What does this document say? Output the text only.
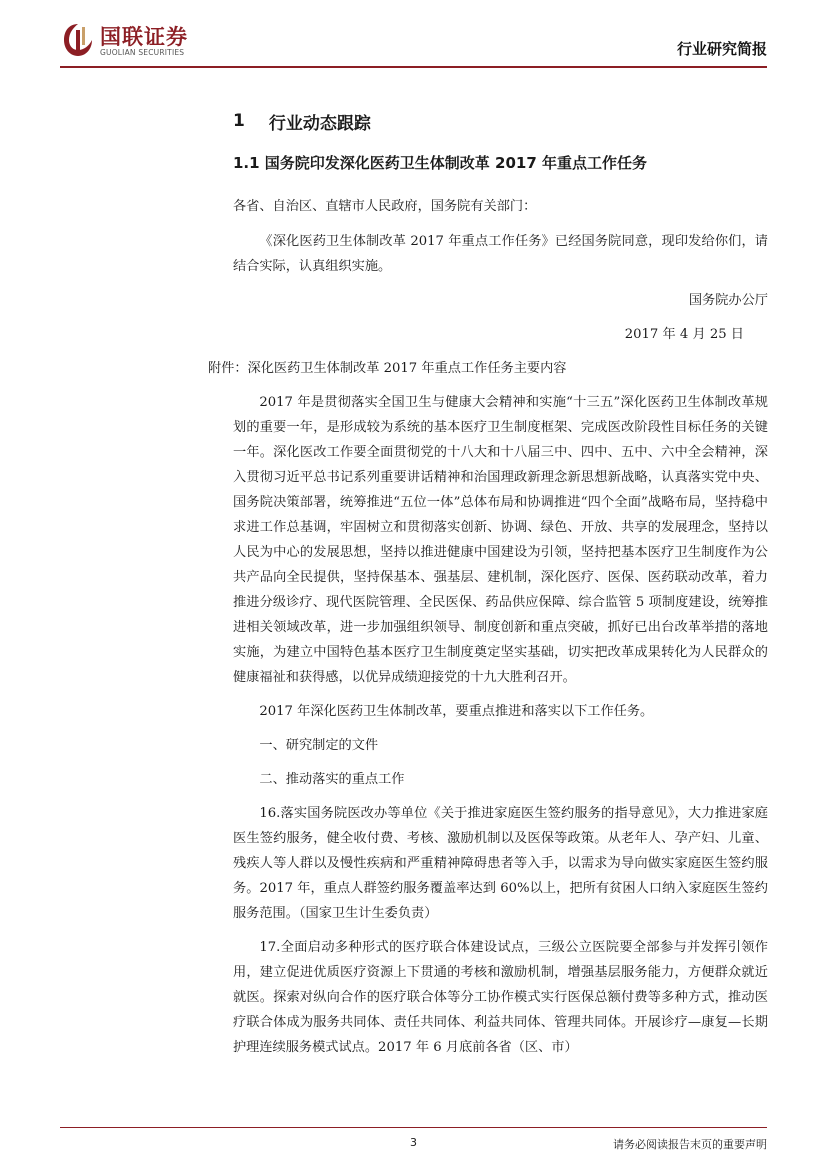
国联证券
GUOLIAN SECURITIES	行业研究简报
1 行业动态跟踪
1.1 国务院印发深化医药卫生体制改革 2017 年重点工作任务

各省、自治区、直辖市人民政府，国务院有关部门：

《深化医药卫生体制改革 2017 年重点工作任务》已经国务院同意，现印发给你们，请结合实际，认真组织实施。

国务院办公厅

2017 年 4 月 25 日

附件：深化医药卫生体制改革 2017 年重点工作任务主要内容

2017 年是贯彻落实全国卫生与健康大会精神和实施“十三五”深化医药卫生体制改革规划的重要一年，是形成较为系统的基本医疗卫生制度框架、完成医改阶段性目标任务的关键一年。深化医改工作要全面贯彻党的十八大和十八届三中、四中、五中、六中全会精神，深入贯彻习近平总书记系列重要讲话精神和治国理政新理念新思想新战略，认真落实党中央、国务院决策部署，统筹推进“五位一体”总体布局和协调推进“四个全面”战略布局，坚持稳中求进工作总基调，牢固树立和贯彻落实创新、协调、绿色、开放、共享的发展理念，坚持以人民为中心的发展思想，坚持以推进健康中国建设为引领，坚持把基本医疗卫生制度作为公共产品向全民提供，坚持保基本、强基层、建机制，深化医疗、医保、医药联动改革，着力推进分级诊疗、现代医院管理、全民医保、药品供应保障、综合监管 5 项制度建设，统筹推进相关领域改革，进一步加强组织领导、制度创新和重点突破，抓好已出台改革举措的落地实施，为建立中国特色基本医疗卫生制度奠定坚实基础，切实把改革成果转化为人民群众的健康福祉和获得感，以优异成绩迎接党的十九大胜利召开。

2017 年深化医药卫生体制改革，要重点推进和落实以下工作任务。

一、研究制定的文件

二、推动落实的重点工作

16.落实国务院医改办等单位《关于推进家庭医生签约服务的指导意见》，大力推进家庭医生签约服务，健全收付费、考核、激励机制以及医保等政策。从老年人、孕产妇、儿童、残疾人等人群以及慢性疾病和严重精神障碍患者等入手，以需求为导向做实家庭医生签约服务。2017 年，重点人群签约服务覆盖率达到 60%以上，把所有贫困人口纳入家庭医生签约服务范围。（国家卫生计生委负责）

17.全面启动多种形式的医疗联合体建设试点，三级公立医院要全部参与并发挥引领作用，建立促进优质医疗资源上下贯通的考核和激励机制，增强基层服务能力，方便群众就近就医。探索对纵向合作的医疗联合体等分工协作模式实行医保总额付费等多种方式，推动医疗联合体成为服务共同体、责任共同体、利益共同体、管理共同体。开展诊疗—康复—长期护理连续服务模式试点。2017 年 6 月底前各省（区、市）

3	请务必阅读报告末页的重要声明
